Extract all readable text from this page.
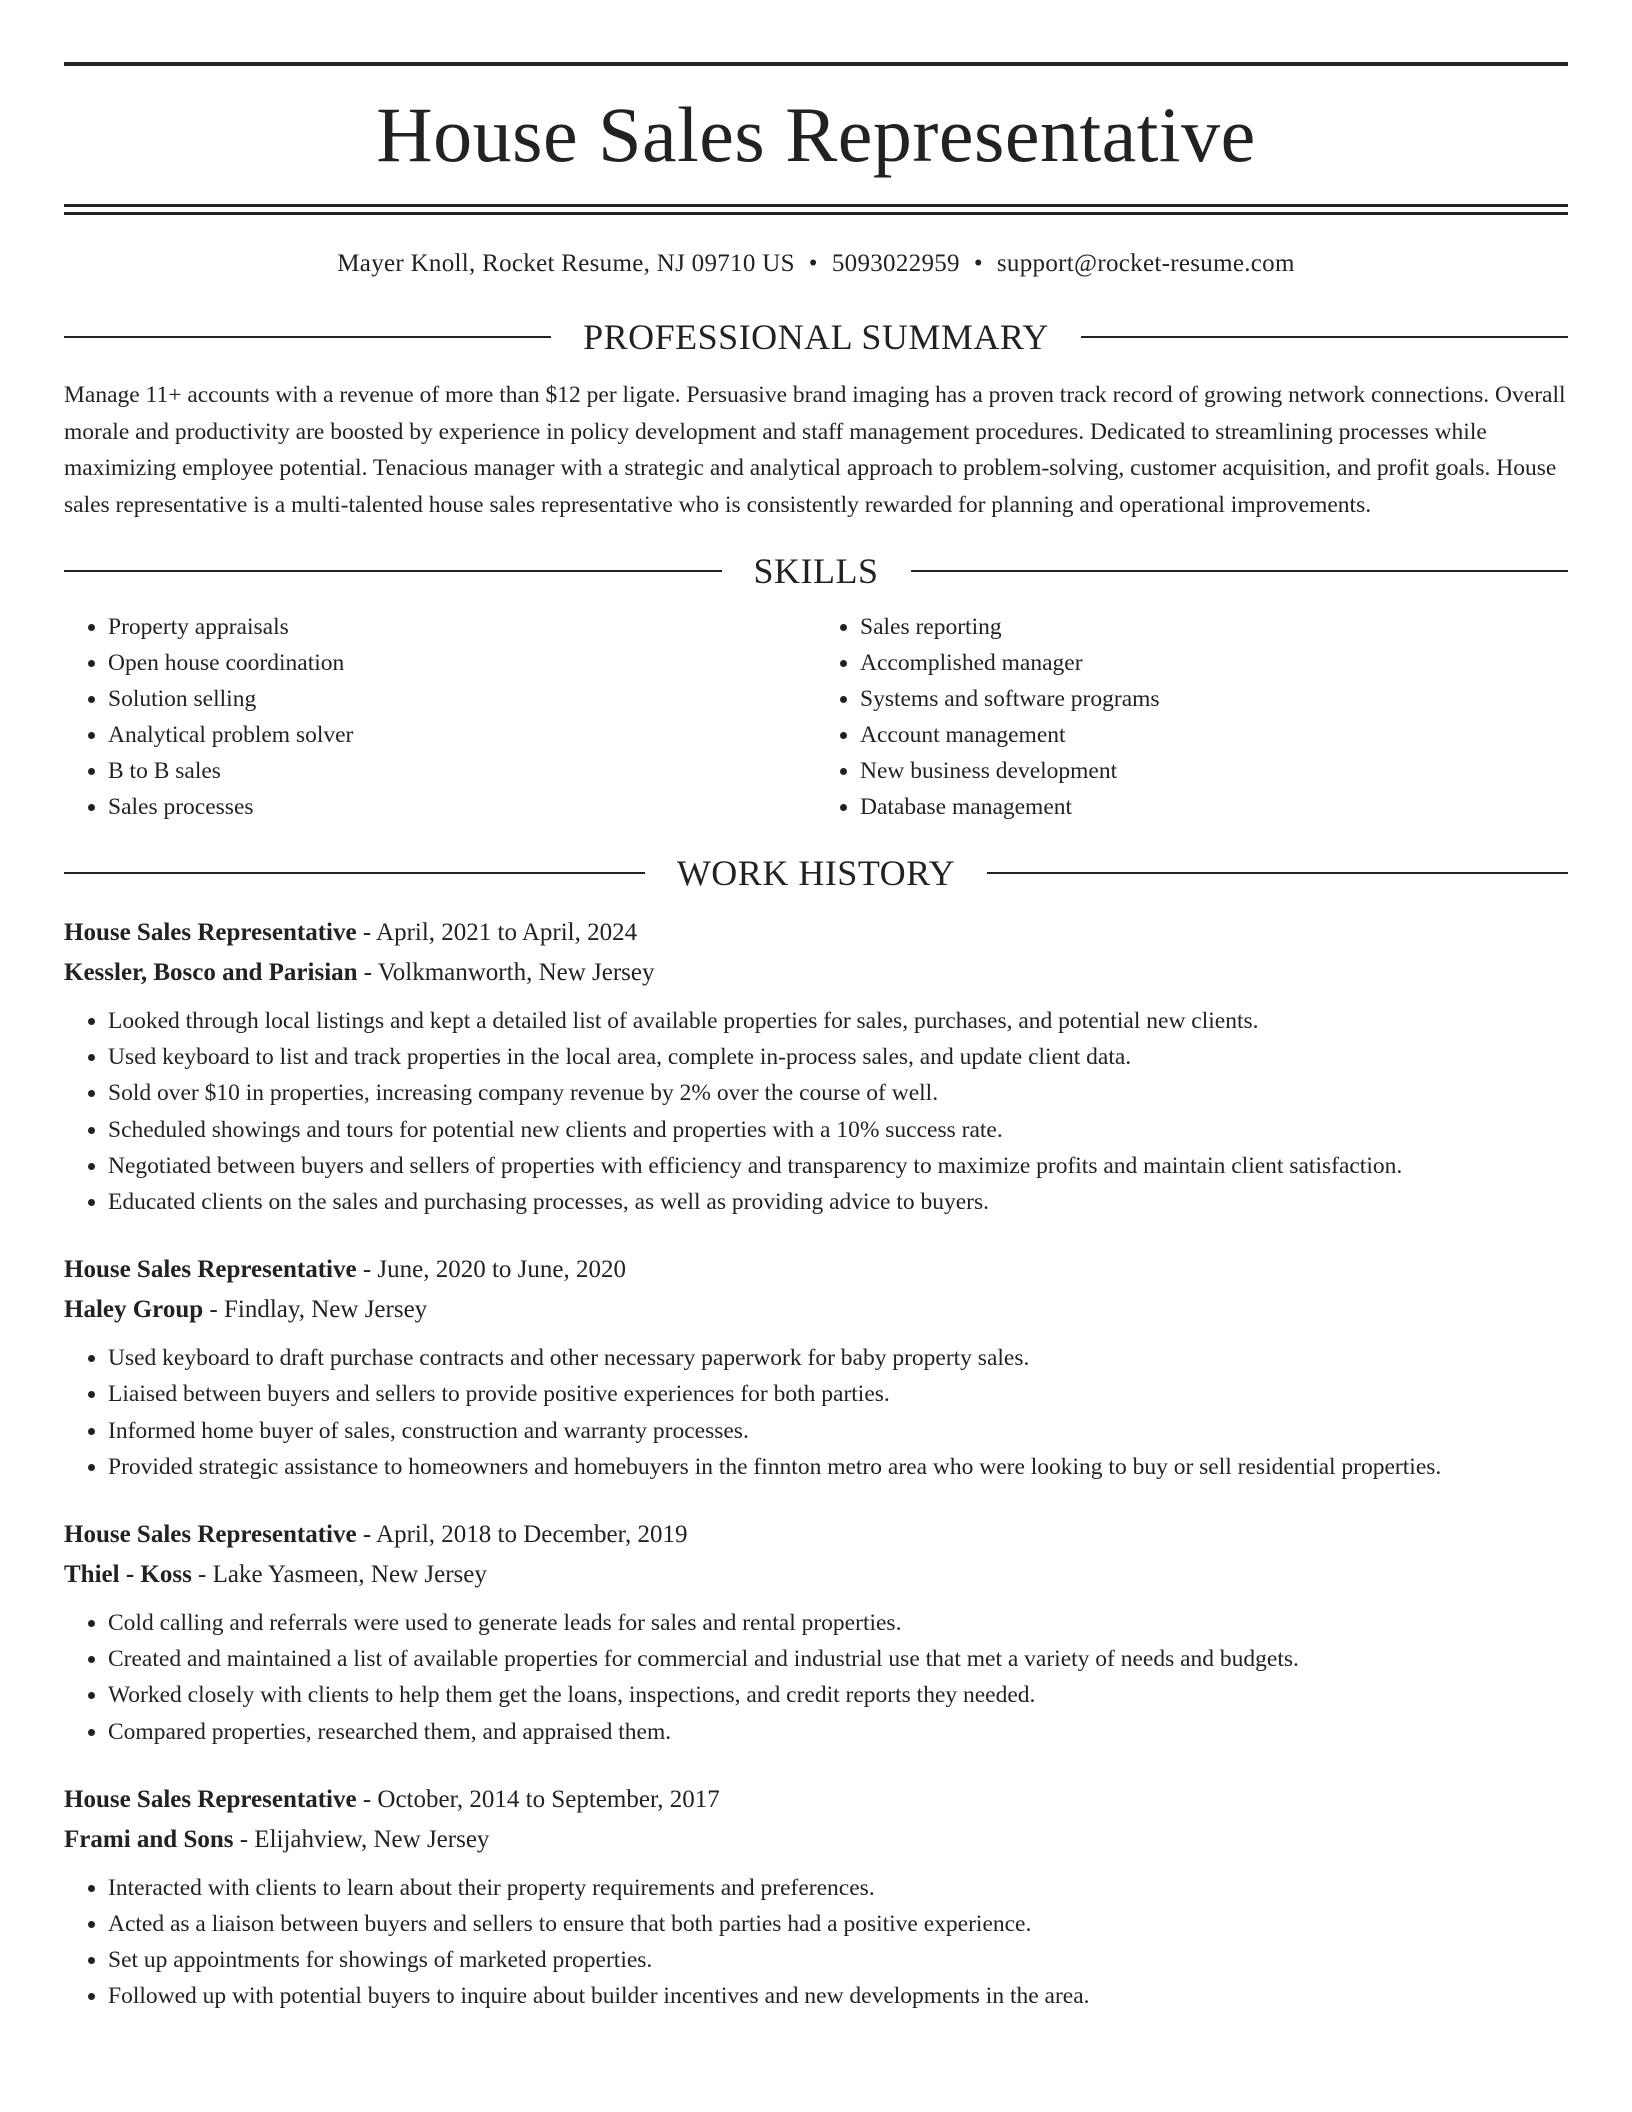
House Sales Representative
Mayer Knoll, Rocket Resume, NJ 09710 US • 5093022959 • support@rocket-resume.com
PROFESSIONAL SUMMARY
Manage 11+ accounts with a revenue of more than $12 per ligate. Persuasive brand imaging has a proven track record of growing network connections. Overall morale and productivity are boosted by experience in policy development and staff management procedures. Dedicated to streamlining processes while maximizing employee potential. Tenacious manager with a strategic and analytical approach to problem-solving, customer acquisition, and profit goals. House sales representative is a multi-talented house sales representative who is consistently rewarded for planning and operational improvements.
SKILLS
• Property appraisals
• Open house coordination
• Solution selling
• Analytical problem solver
• B to B sales
• Sales processes
• Sales reporting
• Accomplished manager
• Systems and software programs
• Account management
• New business development
• Database management
WORK HISTORY
House Sales Representative - April, 2021 to April, 2024
Kessler, Bosco and Parisian - Volkmanworth, New Jersey
• Looked through local listings and kept a detailed list of available properties for sales, purchases, and potential new clients.
• Used keyboard to list and track properties in the local area, complete in-process sales, and update client data.
• Sold over $10 in properties, increasing company revenue by 2% over the course of well.
• Scheduled showings and tours for potential new clients and properties with a 10% success rate.
• Negotiated between buyers and sellers of properties with efficiency and transparency to maximize profits and maintain client satisfaction.
• Educated clients on the sales and purchasing processes, as well as providing advice to buyers.
House Sales Representative - June, 2020 to June, 2020
Haley Group - Findlay, New Jersey
• Used keyboard to draft purchase contracts and other necessary paperwork for baby property sales.
• Liaised between buyers and sellers to provide positive experiences for both parties.
• Informed home buyer of sales, construction and warranty processes.
• Provided strategic assistance to homeowners and homebuyers in the finnton metro area who were looking to buy or sell residential properties.
House Sales Representative - April, 2018 to December, 2019
Thiel - Koss - Lake Yasmeen, New Jersey
• Cold calling and referrals were used to generate leads for sales and rental properties.
• Created and maintained a list of available properties for commercial and industrial use that met a variety of needs and budgets.
• Worked closely with clients to help them get the loans, inspections, and credit reports they needed.
• Compared properties, researched them, and appraised them.
House Sales Representative - October, 2014 to September, 2017
Frami and Sons - Elijahview, New Jersey
• Interacted with clients to learn about their property requirements and preferences.
• Acted as a liaison between buyers and sellers to ensure that both parties had a positive experience.
• Set up appointments for showings of marketed properties.
• Followed up with potential buyers to inquire about builder incentives and new developments in the area.
